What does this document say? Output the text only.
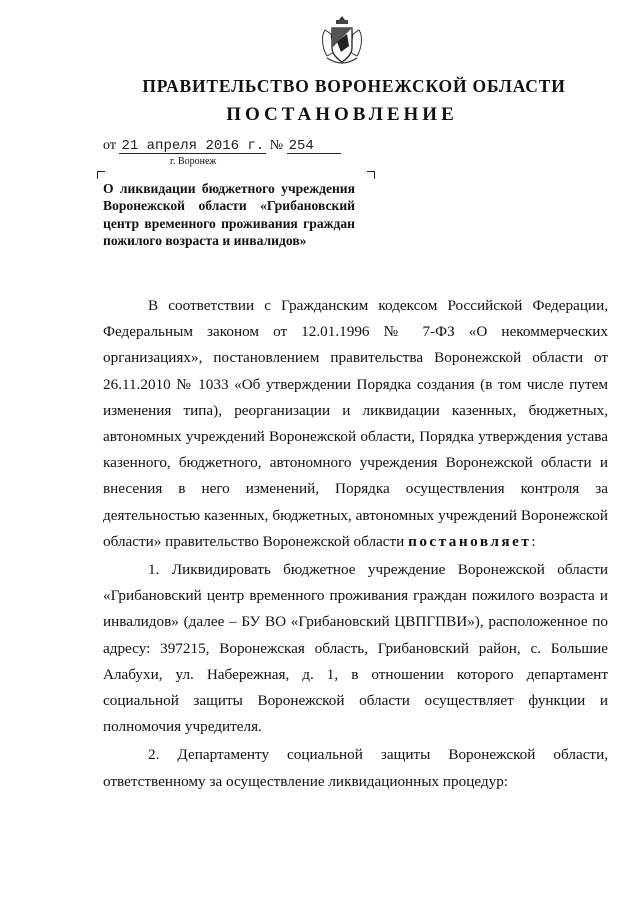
ПРАВИТЕЛЬСТВО ВОРОНЕЖСКОЙ ОБЛАСТИ
ПОСТАНОВЛЕНИЕ
от 21 апреля 2016 г. № 254
г. Воронеж
О ликвидации бюджетного учреждения Воронежской области «Грибановский центр временного проживания граждан пожилого возраста и инвалидов»

В соответствии с Гражданским кодексом Российской Федерации, Федеральным законом от 12.01.1996 № 7-ФЗ «О некоммерческих организациях», постановлением правительства Воронежской области от 26.11.2010 № 1033 «Об утверждении Порядка создания (в том числе путем изменения типа), реорганизации и ликвидации казенных, бюджетных, автономных учреждений Воронежской области, Порядка утверждения устава казенного, бюджетного, автономного учреждения Воронежской области и внесения в него изменений, Порядка осуществления контроля за деятельностью казенных, бюджетных, автономных учреждений Воронежской области» правительство Воронежской области постановляет:

1. Ликвидировать бюджетное учреждение Воронежской области «Грибановский центр временного проживания граждан пожилого возраста и инвалидов» (далее – БУ ВО «Грибановский ЦВПГПВИ»), расположенное по адресу: 397215, Воронежская область, Грибановский район, с. Большие Алабухи, ул. Набережная, д. 1, в отношении которого департамент социальной защиты Воронежской области осуществляет функции и полномочия учредителя.

2. Департаменту социальной защиты Воронежской области, ответственному за осуществление ликвидационных процедур:
